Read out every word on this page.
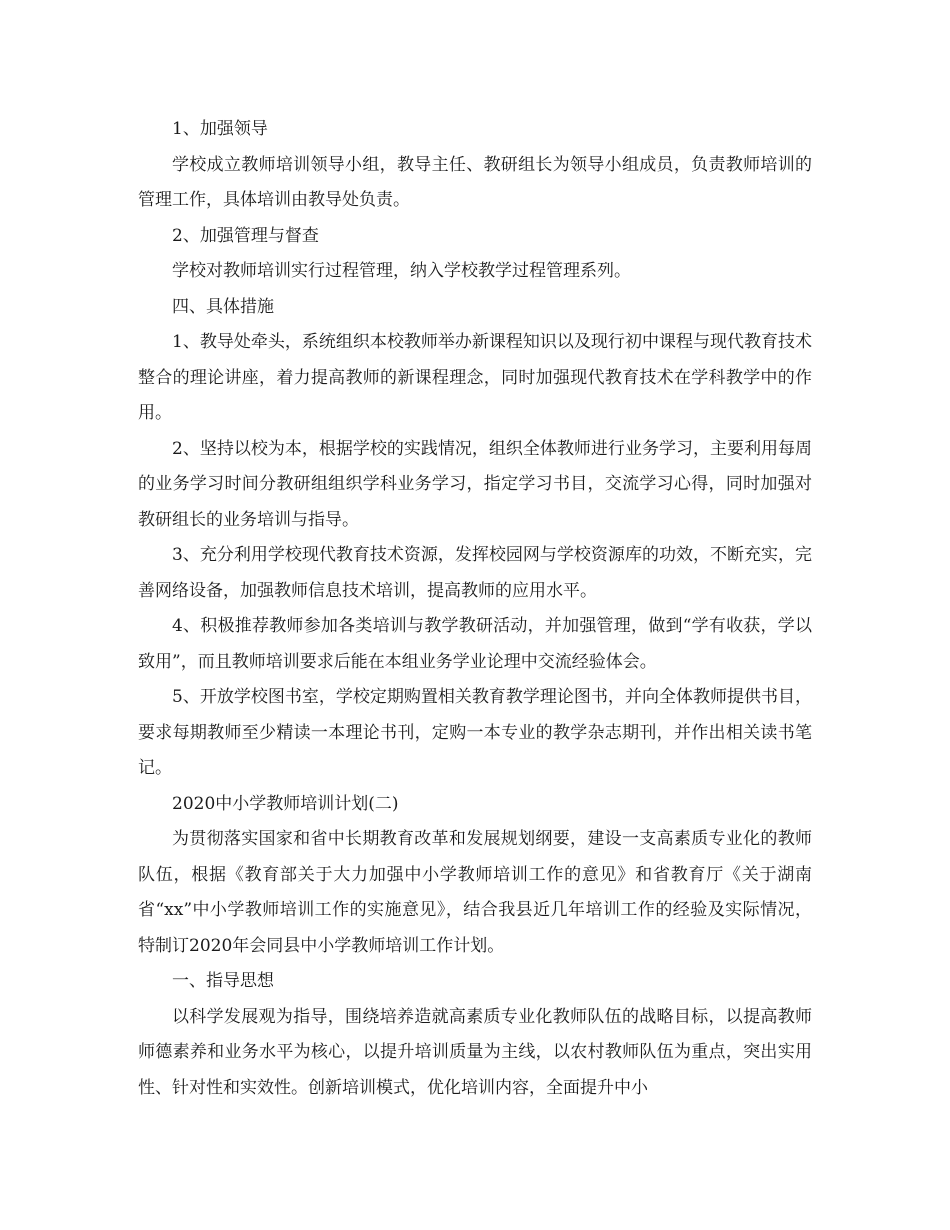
1、加强领导

学校成立教师培训领导小组，教导主任、教研组长为领导小组成员，负责教师培训的管理工作，具体培训由教导处负责。

2、加强管理与督查

学校对教师培训实行过程管理，纳入学校教学过程管理系列。

四、具体措施

1、教导处牵头，系统组织本校教师举办新课程知识以及现行初中课程与现代教育技术整合的理论讲座，着力提高教师的新课程理念，同时加强现代教育技术在学科教学中的作用。

2、坚持以校为本，根据学校的实践情况，组织全体教师进行业务学习，主要利用每周的业务学习时间分教研组组织学科业务学习，指定学习书目，交流学习心得，同时加强对教研组长的业务培训与指导。

3、充分利用学校现代教育技术资源，发挥校园网与学校资源库的功效，不断充实，完善网络设备，加强教师信息技术培训，提高教师的应用水平。

4、积极推荐教师参加各类培训与教学教研活动，并加强管理，做到“学有收获，学以致用”，而且教师培训要求后能在本组业务学业论理中交流经验体会。

5、开放学校图书室，学校定期购置相关教育教学理论图书，并向全体教师提供书目，要求每期教师至少精读一本理论书刊，定购一本专业的教学杂志期刊，并作出相关读书笔记。

2020中小学教师培训计划(二)

为贯彻落实国家和省中长期教育改革和发展规划纲要，建设一支高素质专业化的教师队伍，根据《教育部关于大力加强中小学教师培训工作的意见》和省教育厅《关于湖南省“xx”中小学教师培训工作的实施意见》，结合我县近几年培训工作的经验及实际情况，特制订2020年会同县中小学教师培训工作计划。

一、指导思想

以科学发展观为指导，围绕培养造就高素质专业化教师队伍的战略目标，以提高教师师德素养和业务水平为核心，以提升培训质量为主线，以农村教师队伍为重点，突出实用性、针对性和实效性。创新培训模式，优化培训内容，全面提升中小
